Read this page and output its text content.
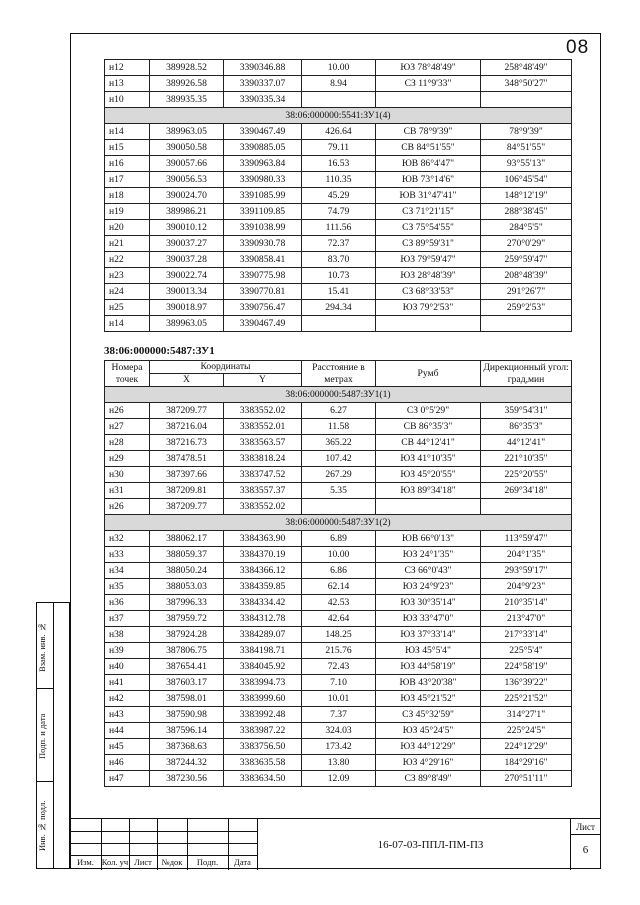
08
н12	389928.52	3390346.88	10.00	ЮЗ 78°48'49"	258°48'49"
н13	389926.58	3390337.07	8.94	СЗ 11°9'33"	348°50'27"
н10	389935.35	3390335.34			
38:06:000000:5541:ЗУ1(4)					
н14	389963.05	3390467.49	426.64	СВ 78°9'39"	78°9'39"
н15	390050.58	3390885.05	79.11	СВ 84°51'55"	84°51'55"
н16	390057.66	3390963.84	16.53	ЮВ 86°4'47"	93°55'13"
н17	390056.53	3390980.33	110.35	ЮВ 73°14'6"	106°45'54"
н18	390024.70	3391085.99	45.29	ЮВ 31°47'41"	148°12'19"
н19	389986.21	3391109.85	74.79	СЗ 71°21'15"	288°38'45"
н20	390010.12	3391038.99	111.56	СЗ 75°54'55"	284°5'5"
н21	390037.27	3390930.78	72.37	СЗ 89°59'31"	270°0'29"
н22	390037.28	3390858.41	83.70	ЮЗ 79°59'47"	259°59'47"
н23	390022.74	3390775.98	10.73	ЮЗ 28°48'39"	208°48'39"
н24	390013.34	3390770.81	15.41	СЗ 68°33'53"	291°26'7"
н25	390018.97	3390756.47	294.34	ЮЗ 79°2'53"	259°2'53"
н14	389963.05	3390467.49			
38:06:000000:5487:ЗУ1
Номера точек	Координаты		Расстояние в метрах	Румб	Дирекционный угол: град,мин
	X	Y			
38:06:000000:5487:ЗУ1(1)					
н26	387209.77	3383552.02	6.27	СЗ 0°5'29"	359°54'31"
н27	387216.04	3383552.01	11.58	СВ 86°35'3"	86°35'3"
н28	387216.73	3383563.57	365.22	СВ 44°12'41"	44°12'41"
н29	387478.51	3383818.24	107.42	ЮЗ 41°10'35"	221°10'35"
н30	387397.66	3383747.52	267.29	ЮЗ 45°20'55"	225°20'55"
н31	387209.81	3383557.37	5.35	ЮЗ 89°34'18"	269°34'18"
н26	387209.77	3383552.02			
38:06:000000:5487:ЗУ1(2)					
н32	388062.17	3384363.90	6.89	ЮВ 66°0'13"	113°59'47"
н33	388059.37	3384370.19	10.00	ЮЗ 24°1'35"	204°1'35"
н34	388050.24	3384366.12	6.86	СЗ 66°0'43"	293°59'17"
н35	388053.03	3384359.85	62.14	ЮЗ 24°9'23"	204°9'23"
н36	387996.33	3384334.42	42.53	ЮЗ 30°35'14"	210°35'14"
н37	387959.72	3384312.78	42.64	ЮЗ 33°47'0"	213°47'0"
н38	387924.28	3384289.07	148.25	ЮЗ 37°33'14"	217°33'14"
н39	387806.75	3384198.71	215.76	ЮЗ 45°5'4"	225°5'4"
н40	387654.41	3384045.92	72.43	ЮЗ 44°58'19"	224°58'19"
н41	387603.17	3383994.73	7.10	ЮВ 43°20'38"	136°39'22"
н42	387598.01	3383999.60	10.01	ЮЗ 45°21'52"	225°21'52"
н43	387590.98	3383992.48	7.37	СЗ 45°32'59"	314°27'1"
н44	387596.14	3383987.22	324.03	ЮЗ 45°24'5"	225°24'5"
н45	387368.63	3383756.50	173.42	ЮЗ 44°12'29"	224°12'29"
н46	387244.32	3383635.58	13.80	ЮЗ 4°29'16"	184°29'16"
н47	387230.56	3383634.50	12.09	СЗ 89°8'49"	270°51'11"
Взам. инв. №
Подп. и дата
Инв. № подл.
Изм. Кол. уч Лист	№док	Подп.	Дата
16-07-03-ППЛ-ПМ-ПЗ
Лист
6
